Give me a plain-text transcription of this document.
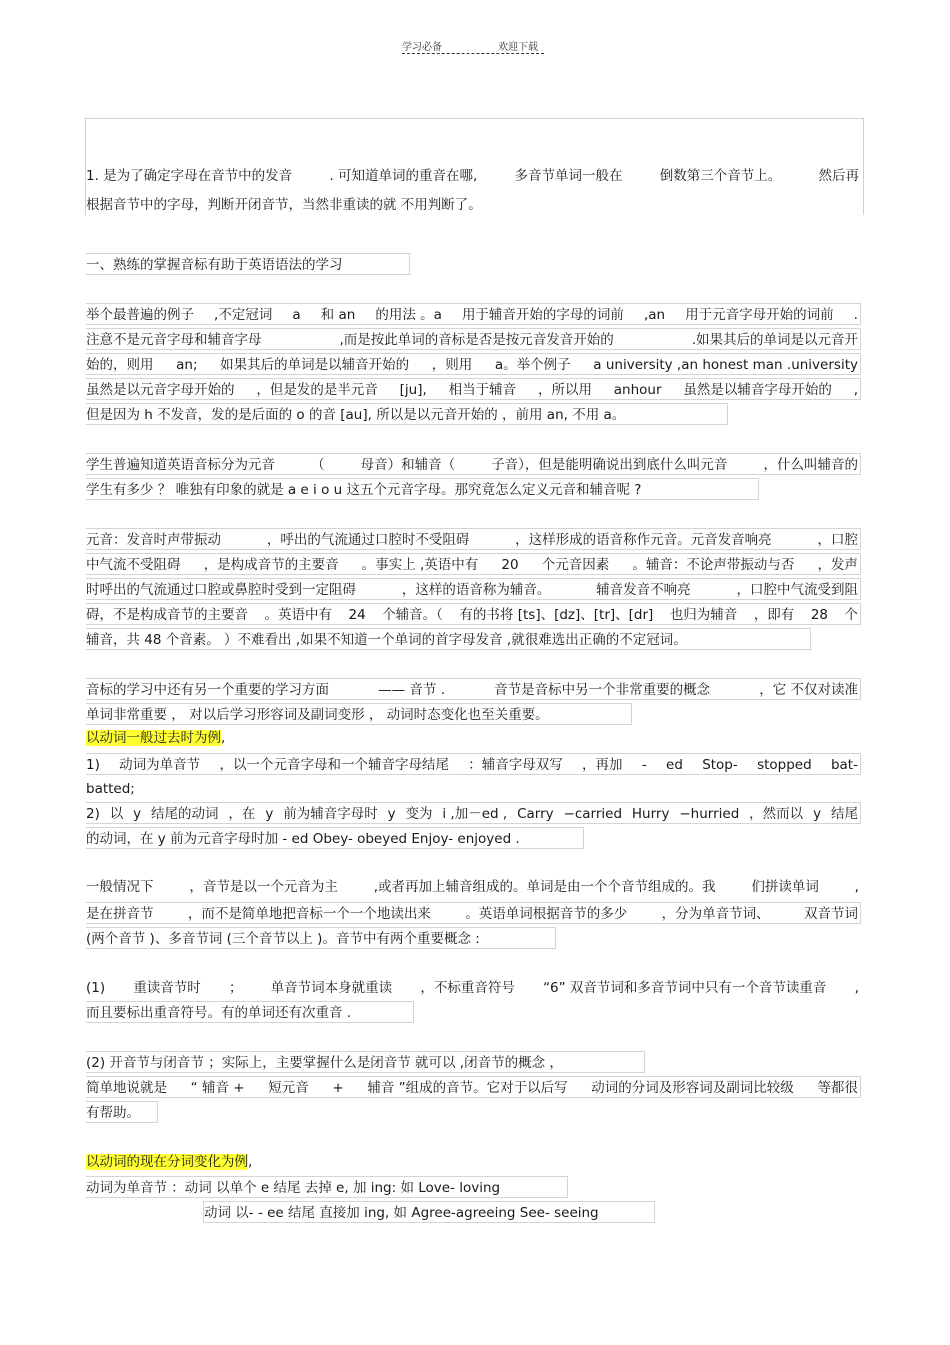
学习必备	欢迎下载
1. 是为了确定字母在音节中的发音	. 可知道单词的重音在哪,	多音节单词一般在	倒数第三个音节上。	然后再
根据音节中的字母，判断开闭音节，当然非重读的就 不用判断了。
一、熟练的掌握音标有助于英语语法的学习
举个最普遍的例子 ,不定冠词 a 和 an 的用法 。a 用于辅音开始的字母的词前 ,an 用于元音字母开始的词前 .
注意不是元音字母和辅音字母	,而是按此单词的音标是否是按元音发音开始的	.如果其后的单词是以元音开
始的，则用 an; 如果其后的单词是以辅音开始的 ，则用 a。举个例子 a university ,an honest man .university
虽然是以元音字母开始的 ，但是发的是半元音 [ju], 相当于辅音 ，所以用 anhour 虽然是以辅音字母开始的 ,
但是因为 h 不发音，发的是后面的 o 的音 [au], 所以是以元音开始的 ，前用 an, 不用 a。
学生普遍知道英语音标分为元音	（	母音）和辅音（	子音），但是能明确说出到底什么叫元音	，什么叫辅音的
学生有多少 ？ 唯独有印象的就是 a e i o u 这五个元音字母。那究竟怎么定义元音和辅音呢 ?
元音：发音时声带振动	，呼出的气流通过口腔时不受阻碍	，这样形成的语音称作元音。元音发音响亮	，口腔
中气流不受阻碍 ，是构成音节的主要音 。事实上 ,英语中有 20 个元音因素 。辅音：不论声带振动与否 ，发声
时呼出的气流通过口腔或鼻腔时受到一定阻碍	，这样的语音称为辅音。	辅音发音不响亮	，口腔中气流受到阻
碍，不是构成音节的主要音 。英语中有 24 个辅音。（ 有的书将 [ts]、[dz]、[tr]、[dr] 也归为辅音 ，即有 28 个
辅音，共 48 个音素。 ）不难看出 ,如果不知道一个单词的首字母发音 ,就很难选出正确的不定冠词。
音标的学习中还有另一个重要的学习方面	—— 音节 .	音节是音标中另一个非常重要的概念	，它 不仅对读准
单词非常重要 ， 对以后学习形容词及副词变形 ， 动词时态变化也至关重要。
以动词一般过去时为例,
1) 动词为单音节 ，以一个元音字母和一个辅音字母结尾 ：辅音字母双写 ，再加 - ed Stop- stopped bat-
batted;
2) 以 y 结尾的动词 ，在 y 前为辅音字母时 y 变为 i ,加－ed , Carry −carried Hurry −hurried ，然而以 y 结尾
的动词，在 y 前为元音字母时加 - ed Obey- obeyed Enjoy- enjoyed .
一般情况下	，音节是以一个元音为主	,或者再加上辅音组成的。单词是由一个个音节组成的。我	们拼读单词	,
是在拼音节	，而不是简单地把音标一个一个地读出来	。英语单词根据音节的多少	，分为单音节词、	双音节词
(两个音节 )、多音节词 (三个音节以上 )。音节中有两个重要概念 :
(1) 重读音节时 ； 单音节词本身就重读 ，不标重音符号 “6” 双音节词和多音节词中只有一个音节读重音 ,
而且要标出重音符号。有的单词还有次重音 .
(2) 开音节与闭音节 ；实际上，主要掌握什么是闭音节 就可以 ,闭音节的概念 ，
简单地说就是 “ 辅音 + 短元音 + 辅音 ”组成的音节。它对于以后写 动词的分词及形容词及副词比较级 等都很
有帮助。
以动词的现在分词变化为例,
动词为单音节 ：动词 以单个 e 结尾 去掉 e, 加 ing: 如 Love- loving
动词 以- - ee 结尾 直接加 ing, 如 Agree-agreeing See- seeing
